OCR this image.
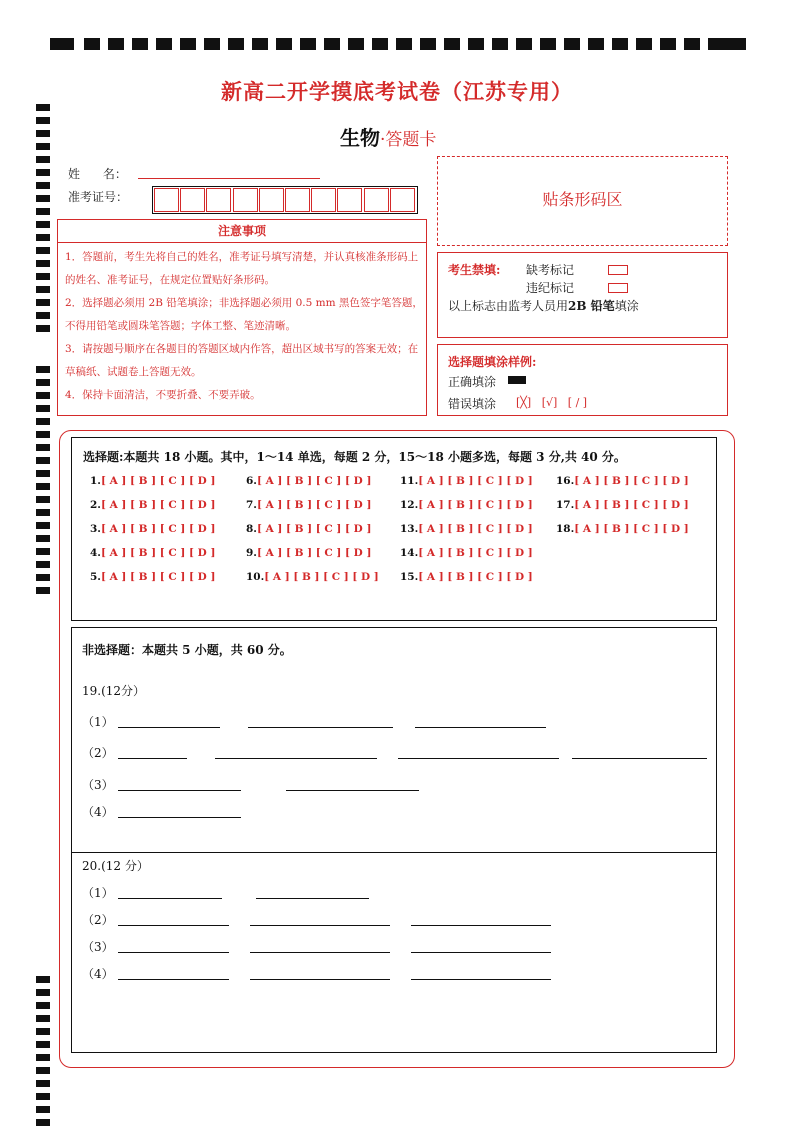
新高二开学摸底考试卷（江苏专用）
生物·答题卡
姓      名：
准考证号：
注意事项
1．答题前，考生先将自己的姓名，准考证号填写清楚，并认真核准条形码上的姓名、准考证号，在规定位置贴好条形码。
2．选择题必须用 2B 铅笔填涂；非选择题必须用 0.5 mm 黑色签字笔答题，不得用铅笔或圆珠笔答题；字体工整、笔迹清晰。
3．请按题号顺序在各题目的答题区域内作答，超出区域书写的答案无效；在草稿纸、试题卷上答题无效。
4．保持卡面清洁，不要折叠、不要弄破。
贴条形码区
考生禁填: 缺考标记
违纪标记
以上标志由监考人员用2B 铅笔填涂
选择题填涂样例:
正确填涂
错误填涂 [╳]   [√]   [ / ]
选择题:本题共 18 小题。其中，1～14 单选，每题 2 分，15～18 小题多选，每题 3 分,共 40 分。
1.[ A ] [ B ] [ C ] [ D ]
2.[ A ] [ B ] [ C ] [ D ]
3.[ A ] [ B ] [ C ] [ D ]
4.[ A ] [ B ] [ C ] [ D ]
5.[ A ] [ B ] [ C ] [ D ]
6.[ A ] [ B ] [ C ] [ D ]
7.[ A ] [ B ] [ C ] [ D ]
8.[ A ] [ B ] [ C ] [ D ]
9.[ A ] [ B ] [ C ] [ D ]
10.[ A ] [ B ] [ C ] [ D ]
11.[ A ] [ B ] [ C ] [ D ]
12.[ A ] [ B ] [ C ] [ D ]
13.[ A ] [ B ] [ C ] [ D ]
14.[ A ] [ B ] [ C ] [ D ]
15.[ A ] [ B ] [ C ] [ D ]
16.[ A ] [ B ] [ C ] [ D ]
17.[ A ] [ B ] [ C ] [ D ]
18.[ A ] [ B ] [ C ] [ D ]
非选择题：本题共 5 小题，共 60 分。
19.(12分）
（1）
（2）
（3）
（4）
20.(12 分）
（1）
（2）
（3）
（4）
